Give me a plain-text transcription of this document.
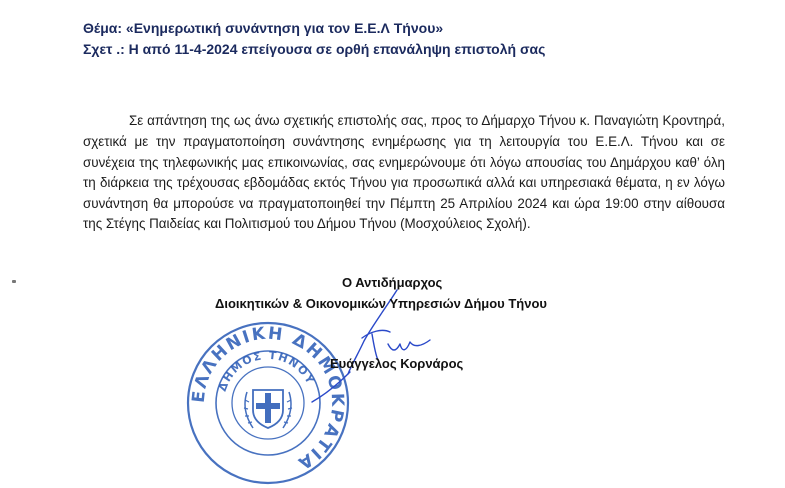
Θέμα: «Ενημερωτική συνάντηση για τον Ε.Ε.Λ Τήνου»
Σχετ .: Η από 11-4-2024 επείγουσα σε ορθή επανάληψη επιστολή σας

Σε απάντηση της ως άνω σχετικής επιστολής σας, προς το Δήμαρχο Τήνου κ. Παναγιώτη Κροντηρά, σχετικά με την πραγματοποίηση συνάντησης ενημέρωσης για τη λειτουργία του Ε.Ε.Λ. Τήνου και σε συνέχεια της τηλεφωνικής μας επικοινωνίας, σας ενημερώνουμε ότι λόγω απουσίας του Δημάρχου καθ’ όλη τη διάρκεια της τρέχουσας εβδομάδας εκτός Τήνου για προσωπικά αλλά και υπηρεσιακά θέματα, η εν λόγω συνάντηση θα μπορούσε να πραγματοποιηθεί την Πέμπτη 25 Απριλίου 2024 και ώρα 19:00 στην αίθουσα της Στέγης Παιδείας και Πολιτισμού του Δήμου Τήνου (Μοσχούλειος Σχολή).

ΕΛΛΗΝΙΚΗ ΔΗΜΟΚΡΑΤΙΑ
ΔΗΜΟΣ ΤΗΝΟΥ
Ο Αντιδήμαρχος
Διοικητικών & Οικονομικών Υπηρεσιών Δήμου Τήνου
Ευάγγελος Κορνάρος
